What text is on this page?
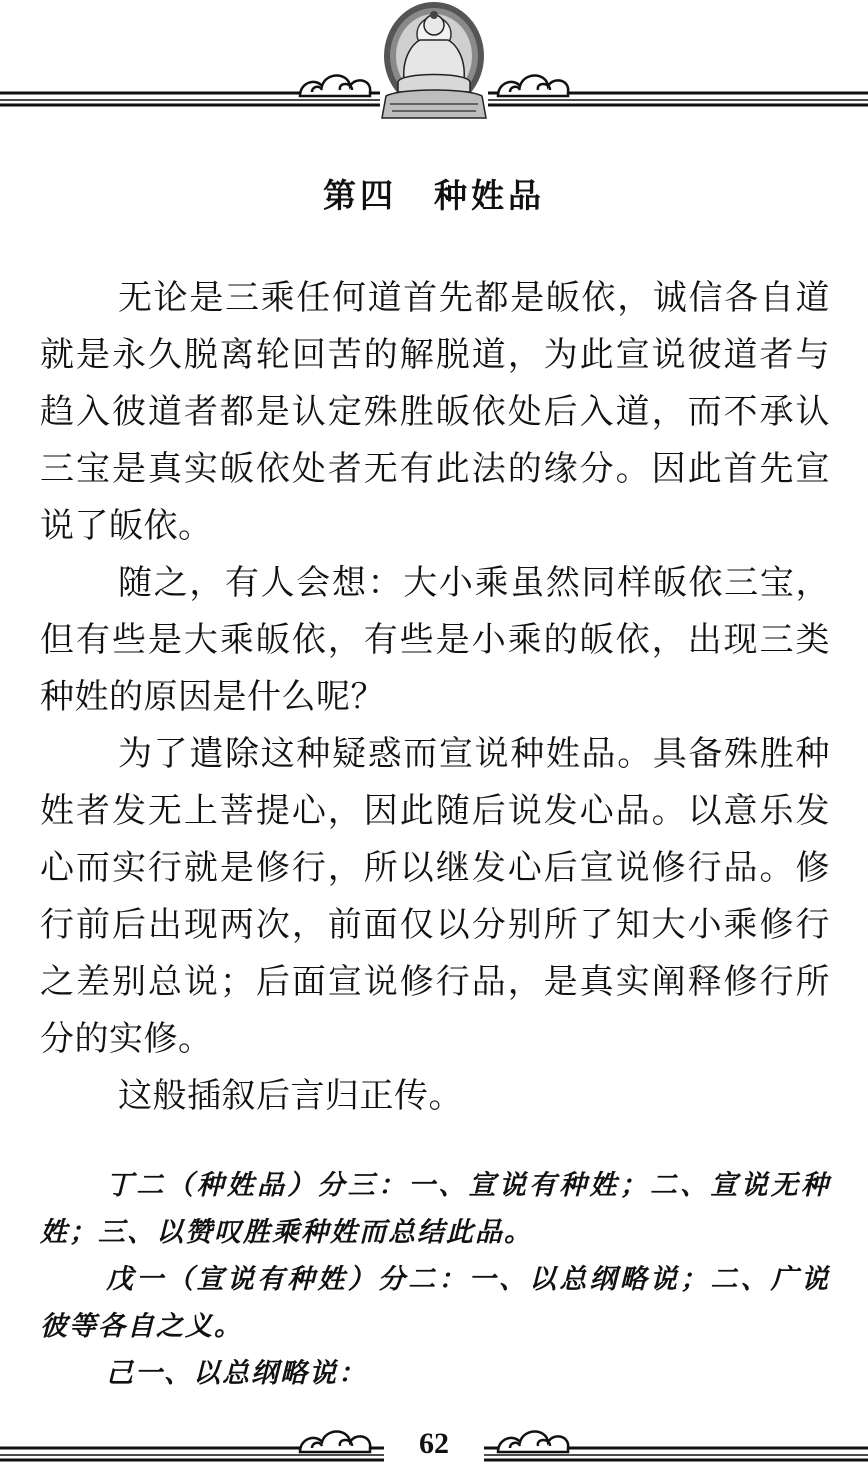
第四　种姓品

无论是三乘任何道首先都是皈依，诚信各自道就是永久脱离轮回苦的解脱道，为此宣说彼道者与趋入彼道者都是认定殊胜皈依处后入道，而不承认三宝是真实皈依处者无有此法的缘分。因此首先宣说了皈依。

随之，有人会想：大小乘虽然同样皈依三宝，但有些是大乘皈依，有些是小乘的皈依，出现三类种姓的原因是什么呢？

为了遣除这种疑惑而宣说种姓品。具备殊胜种姓者发无上菩提心，因此随后说发心品。以意乐发心而实行就是修行，所以继发心后宣说修行品。修行前后出现两次，前面仅以分别所了知大小乘修行之差别总说；后面宣说修行品，是真实阐释修行所分的实修。

这般插叙后言归正传。

丁二（种姓品）分三：一、宣说有种姓；二、宣说无种姓；三、以赞叹胜乘种姓而总结此品。

戊一（宣说有种姓）分二：一、以总纲略说；二、广说彼等各自之义。

己一、以总纲略说：

62
